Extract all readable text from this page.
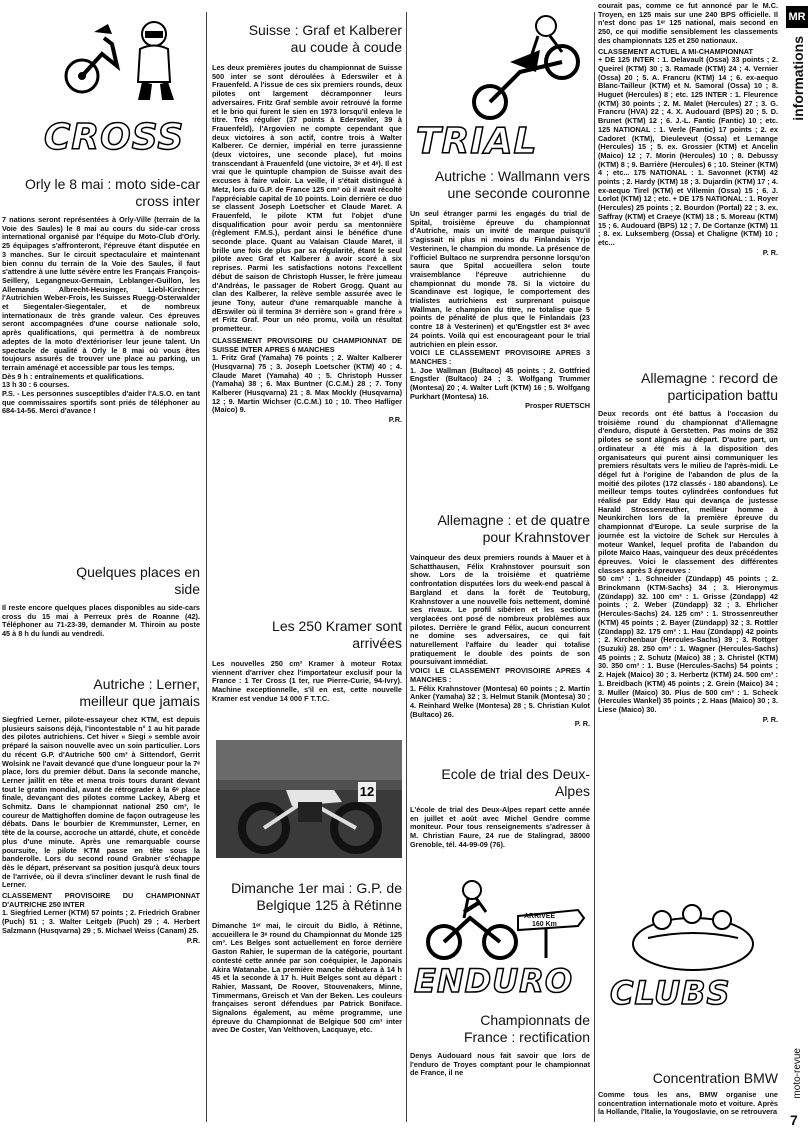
CROSS
Orly le 8 mai : moto side-car cross inter

7 nations seront représentées à Orly-Ville (terrain de la Voie des Saules) le 8 mai au cours du side-car cross international organisé par l'équipe du Moto-Club d'Orly. 25 équipages s'affronteront, l'épreuve étant disputée en 3 manches. Sur le circuit spectaculaire et maintenant bien connu du terrain de la Voie des Saules, il faut s'attendre à une lutte sévère entre les Français François-Seillery, Legangneux-Germain, Leblanger-Guillon, les Allemands Albrecht-Heusinger, Liebl-Kirchner; l'Autrichien Weber-Frois, les Suisses Ruegg-Osterwalder et Siegentaler-Siegentaler, et de nombreux internationaux de très grande valeur. Ces épreuves seront accompagnées d'une course nationale solo, après qualifications, qui permettra à de nombreux adeptes de la moto d'extérioriser leur jeune talent. Un spectacle de qualité à Orly le 8 mai où vous êtes toujours assurés de trouver une place au parking, un terrain aménagé et accessible par tous les temps.

Dès 9 h : entraînements et qualifications.

13 h 30 : 6 courses.

P.S. - Les personnes susceptibles d'aider l'A.S.O. en tant que commissaires sportifs sont priés de téléphoner au 684-14-56. Merci d'avance !

Quelques places en side

Il reste encore quelques places disponibles au side-cars cross du 15 mai à Perreux près de Roanne (42). Téléphoner au 71-23-39, demander M. Thiroin au poste 45 à 8 h du lundi au vendredi.

Autriche : Lerner, meilleur que jamais

Siegfried Lerner, pilote-essayeur chez KTM, est depuis plusieurs saisons déjà, l'incontestable n° 1 au hit parade des pilotes autrichiens. Cet hiver « Siegi » semble avoir préparé la saison nouvelle avec un soin particulier. Lors du récent G.P. d'Autriche 500 cm³ à Sittendorf, Gerrit Wolsink ne l'avait devancé que d'une longueur pour la 7ᵉ place, lors du premier début. Dans la seconde manche, Lerner jaillit en tête et mena trois tours durant devant tout le gratin mondial, avant de rétrograder à la 6ᵉ place finale, devançant des pilotes comme Lackey, Aberg et Schmitz. Dans le championnat national 250 cm³, le coureur de Mattighoffen domine de façon outrageuse les débats. Dans le bourbier de Kremmunster, Lerner, en tête de la course, accroche un attardé, chute, et concède plus d'une minute. Après une remarquable course poursuite, le pilote KTM passe en tête sous la banderolle. Lors du second round Grabner s'échappe dès le départ, préservant sa position jusqu'à deux tours de l'arrivée, où il devra s'incliner devant le rush final de Lerner.

CLASSEMENT PROVISOIRE DU CHAMPIONNAT D'AUTRICHE 250 INTER

1. Siegfried Lerner (KTM) 57 points ; 2. Friedrich Grabner (Puch) 51 ; 3. Walter Leitgeb (Puch) 29 ; 4. Herbert Salzmann (Husqvarna) 29 ; 5. Michael Weiss (Canam) 25.

P.R.
Suisse : Graf et Kalberer au coude à coude

Les deux premières joutes du championnat de Suisse 500 inter se sont déroulées à Ederswiler et à Frauenfeld. A l'issue de ces six premiers rounds, deux pilotes ont largement décramponner leurs adversaires. Fritz Graf semble avoir retrouvé la forme et le brio qui furent le sien en 1973 lorsqu'il enleva le titre. Très régulier (37 points à Ederswiler, 39 à Frauenfeld), l'Argovien ne compte cependant que deux victoires à son actif, contre trois à Walter Kalberer. Ce dernier, impérial en terre jurassienne (deux victoires, une seconde place), fut moins transcendant à Frauenfeld (une victoire, 3ᵉ et 4ᵉ). Il est vrai que le quintuple champion de Suisse avait des excuses à faire valoir. La veille, il s'était distingué à Metz, lors du G.P. de France 125 cm³ où il avait récolté l'appréciable capital de 10 points. Loin derrière ce duo se classent Joseph Loetscher et Claude Maret. A Frauenfeld, le pilote KTM fut l'objet d'une disqualification pour avoir perdu sa mentonnière (règlement F.M.S.), perdant ainsi le bénéfice d'une seconde place. Quant au Valaisan Claude Maret, il brille une fois de plus par sa régularité, étant le seul pilote avec Graf et Kalberer à avoir scoré à six reprises. Parmi les satisfactions notons l'excellent début de saison de Christoph Husser, le frère jumeau d'Andréas, le passager de Robert Grogg. Quant au clan des Kalberer, la relève semble assurée avec le jeune Tony, auteur d'une remarquable manche à dErswiler où il termina 3ᵉ derrière son « grand frère » et Fritz Graf. Pour un néo promu, voilà un résultat prometteur.

CLASSEMENT PROVISOIRE DU CHAMPIONNAT DE SUISSE INTER APRES 6 MANCHES

1. Fritz Graf (Yamaha) 76 points ; 2. Walter Kalberer (Husqvarna) 75 ; 3. Joseph Loetscher (KTM) 40 ; 4. Claude Maret (Yamaha) 40 ; 5. Christoph Husser (Yamaha) 38 ; 6. Max Buntner (C.C.M.) 28 ; 7. Tony Kalberer (Husqvarna) 21 ; 8. Max Mockly (Husqvarna) 12 ; 9. Martin Wichser (C.C.M.) 10 ; 10. Theo Hafliger (Maico) 9.

P.R.
Les 250 Kramer sont arrivées

Les nouvelles 250 cm³ Kramer à moteur Rotax viennent d'arriver chez l'importateur exclusif pour la France : 1 Ter Cross (1 ter, rue Pierre-Curie, 94-Ivry). Machine exceptionnelle, s'il en est, cette nouvelle Kramer est vendue 14 000 F T.T.C.

12
Dimanche 1er mai : G.P. de Belgique 125 à Rétinne

Dimanche 1ᵉʳ mai, le circuit du Bidlo, à Rétinne, accueillera le 3ᵉ round du Championnat du Monde 125 cm³. Les Belges sont actuellement en force derrière Gaston Rahier, le superman de la catégorie, pourtant contesté cette année par son coéquipier, le Japonais Akira Watanabe. La première manche débutera à 14 h 45 et la seconde à 17 h. Huit Belges sont au départ : Rahier, Massant, De Roover, Stouvenakers, Minne, Timmermans, Greisch et Van der Beken. Les couleurs françaises seront défendues par Patrick Boniface. Signalons également, au même programme, une épreuve du Championnat de Belgique 500 cm³ inter avec De Coster, Van Velthoven, Lacquaye, etc.

TRIAL
Autriche : Wallmann vers une seconde couronne

Un seul étranger parmi les engagés du trial de Spital, troisième épreuve du championnat d'Autriche, mais un invité de marque puisqu'il s'agissait ni plus ni moins du Finlandais Yrjo Vesterinen, le champion du monde. La présence de l'officiel Bultaco ne surprendra personne lorsqu'on saura que Spital accueillera selon toute vraisemblance l'épreuve autrichienne du championnat du monde 78. Si la victoire du Scandinave est logique, le comportement des trialistes autrichiens est surprenant puisque Wallman, le champion du titre, ne totalise que 5 points de pénalité de plus que le Finlandais (23 contre 18 à Vesterinen) et qu'Engstler est 3ᵉ avec 24 points. Voilà qui est encourageant pour le trial autrichien en plein essor.

VOICI LE CLASSEMENT PROVISOIRE APRES 3 MANCHES :

1. Joe Wallman (Bultaco) 45 points ; 2. Gottfried Engstler (Bultaco) 24 ; 3. Wolfgang Trummer (Montesa) 20 ; 4. Walter Luft (KTM) 16 ; 5. Wolfgang Purkhart (Montesa) 16.

Prosper RUETSCH
Allemagne : et de quatre pour Krahnstover

Vainqueur des deux premiers rounds à Mauer et à Schatthausen, Félix Krahnstover poursuit son show. Lors de la troisième et quatrième confrontation disputées lors du week-end pascal à Bargland et dans la forêt de Teutoburg, Krahnstover a une nouvelle fois nettement, dominé ses rivaux. Le profil sibérien et les sections verglacées ont posé de nombreux problèmes aux pilotes. Derrière le grand Félix, aucun concurrent ne domine ses adversaires, ce qui fait naturellement l'affaire du leader qui totalise pratiquement le double des points de son poursuivant immédiat.

VOICI LE CLASSEMENT PROVISOIRE APRES 4 MANCHES :

1. Félix Krahnstover (Montesa) 60 points ; 2. Martin Anker (Yamaha) 32 ; 3. Helmut Stanik (Montesa) 30 ; 4. Reinhard Welke (Montesa) 28 ; 5. Christian Kulot (Bultaco) 26.

P. R.
Ecole de trial des Deux-Alpes

L'école de trial des Deux-Alpes repart cette année en juillet et août avec Michel Gendre comme moniteur. Pour tous renseignements s'adresser à M. Christian Faure, 24 rue de Stalingrad, 38000 Grenoble, tél. 44-99-09 (76).

ARRIVEE
160 Km
ENDURO
Championnats de France : rectification

Denys Audouard nous fait savoir que lors de l'enduro de Troyes comptant pour le championnat de France, il ne

courait pas, comme ce fut annoncé par le M.C. Troyen, en 125 mais sur une 240 BPS officielle. Il n'est donc pas 1ᵉʳ 125 national, mais second en 250, ce qui modifie sensiblement les classements des championnats 125 et 250 nationaux.

CLASSEMENT ACTUEL A MI-CHAMPIONNAT

+ DE 125 INTER : 1. Delavault (Ossa) 33 points ; 2. Queirel (KTM) 30 ; 3. Ramade (KTM) 24 ; 4. Vernier (Ossa) 20 ; 5. A. Francru (KTM) 14 ; 6. ex-aequo Blanc-Tailleur (KTM) et N. Samoral (Ossa) 10 ; 8. Huguet (Hercules) 8 ; etc. 125 INTER : 1. Fleurence (KTM) 30 points ; 2. M. Malet (Hercules) 27 ; 3. G. Francru (HVA) 22 ; 4. X. Audouard (BPS) 20 ; 5. D. Brunet (KTM) 12 ; 6. J.-L. Fantic (Fantic) 10 ; etc. 125 NATIONAL : 1. Verle (Fantic) 17 points ; 2. ex Cadoret (KTM), Dieuleveut (Ossa) et Lemange (Hercules) 15 ; 5. ex. Grossier (KTM) et Ancelin (Maico) 12 ; 7. Morin (Hercules) 10 ; 8. Debussy (KTM) 8 ; 9. Barrière (Hercules) 6 ; 10. Steiner (KTM) 4 ; etc... 175 NATIONAL : 1. Savonnet (KTM) 42 points ; 2. Hardy (KTM) 18 ; 3. Dujardin (KTM) 17 ; 4. ex-aequo Tirel (KTM) et Villemin (Ossa) 15 ; 6. J. Lorlot (KTM) 12 ; etc. + DE 175 NATIONAL : 1. Royer (Hercules) 25 points ; 2. Bourdon (Portal) 22 ; 3. ex. Saffray (KTM) et Craeye (KTM) 18 ; 5. Moreau (KTM) 15 ; 6. Audouard (BPS) 12 ; 7. De Cortanze (KTM) 11 ; 8. ex. Luksemberg (Ossa) et Chaligne (KTM) 10 ; etc...

P. R.
Allemagne : record de participation battu

Deux records ont été battus à l'occasion du troisième round du championnat d'Allemagne d'enduro, disputé à Gerstetten. Pas moins de 352 pilotes se sont alignés au départ. D'autre part, un ordinateur a été mis à la disposition des organisateurs qui purent ainsi communiquer les premiers résultats vers le milieu de l'après-midi. Le dégel fut à l'origine de l'abandon de plus de la moitié des pilotes (172 classés - 180 abandons). Le meilleur temps toutes cylindrées confondues fut réalisé par Eddy Hau qui devança de justesse Harald Strossenreuther, meilleur homme à Neunkirchen lors de la première épreuve du championnat d'Europe. La seule surprise de la journée est la victoire de Schek sur Hercules à moteur Wankel, lequel profita de l'abandon du pilote Maico Haas, vainqueur des deux précédentes épreuves. Voici le classement des différentes classes après 3 épreuves :

50 cm³ : 1. Schneider (Zündapp) 45 points ; 2. Brinckmann (KTM-Sachs) 34 ; 3. Hieronymus (Zündapp) 32. 100 cm³ : 1. Grisse (Zündapp) 42 points ; 2. Weber (Zündapp) 32 ; 3. Ehrlicher (Hercules-Sachs) 24. 125 cm³ : 1. Strossenreuther (KTM) 45 points ; 2. Bayer (Zündapp) 32 ; 3. Rottler (Zündapp) 32. 175 cm³ : 1. Hau (Zündapp) 42 points ; 2. Kirchenbaur (Hercules-Sachs) 39 ; 3. Rottger (Suzuki) 28. 250 cm³ : 1. Wagner (Hercules-Sachs) 45 points ; 2. Schutz (Maico) 38 ; 3. Christel (KTM) 30. 350 cm³ : 1. Buse (Hercules-Sachs) 54 points ; 2. Hajek (Maico) 30 ; 3. Herbertz (KTM) 24. 500 cm³ : 1. Breidbach (KTM) 45 points ; 2. Grein (Maico) 34 ; 3. Muller (Maico) 30. Plus de 500 cm³ : 1. Scheck (Hercules Wankel) 35 points ; 2. Haas (Maico) 30 ; 3. Liese (Maico) 30.

P. R.
CLUBS
Concentration BMW

Comme tous les ans, BMW organise une concentration internationale moto et voiture. Après la Hollande, l'Italie, la Yougoslavie, on se retrouvera

MR
informations
moto-revue
7
